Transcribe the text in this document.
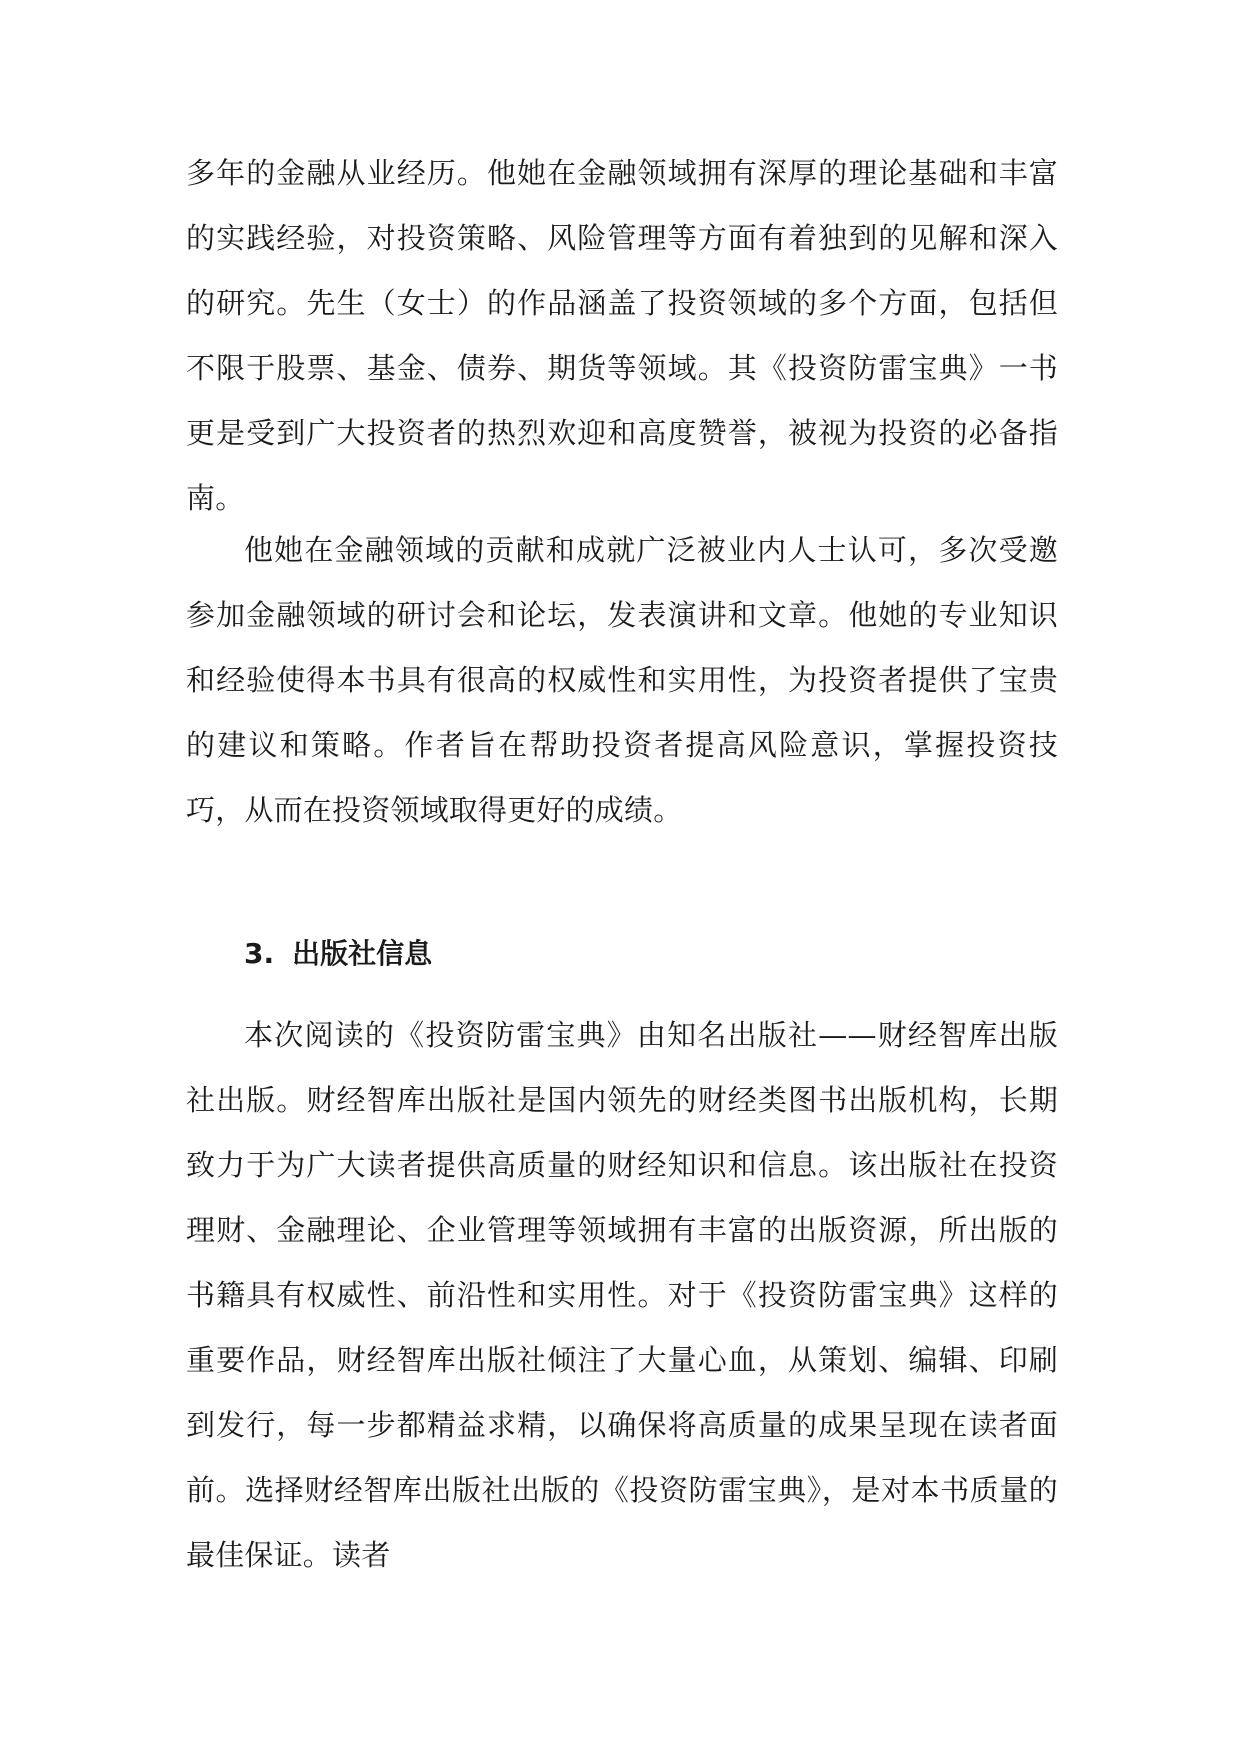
多年的金融从业经历。他她在金融领域拥有深厚的理论基础和丰富的实践经验，对投资策略、风险管理等方面有着独到的见解和深入的研究。先生（女士）的作品涵盖了投资领域的多个方面，包括但不限于股票、基金、债券、期货等领域。其《投资防雷宝典》一书更是受到广大投资者的热烈欢迎和高度赞誉，被视为投资的必备指南。

他她在金融领域的贡献和成就广泛被业内人士认可，多次受邀参加金融领域的研讨会和论坛，发表演讲和文章。他她的专业知识和经验使得本书具有很高的权威性和实用性，为投资者提供了宝贵的建议和策略。作者旨在帮助投资者提高风险意识，掌握投资技巧，从而在投资领域取得更好的成绩。

3. 出版社信息

本次阅读的《投资防雷宝典》由知名出版社——财经智库出版社出版。财经智库出版社是国内领先的财经类图书出版机构，长期致力于为广大读者提供高质量的财经知识和信息。该出版社在投资理财、金融理论、企业管理等领域拥有丰富的出版资源，所出版的书籍具有权威性、前沿性和实用性。对于《投资防雷宝典》这样的重要作品，财经智库出版社倾注了大量心血，从策划、编辑、印刷到发行，每一步都精益求精，以确保将高质量的成果呈现在读者面前。选择财经智库出版社出版的《投资防雷宝典》，是对本书质量的最佳保证。读者
